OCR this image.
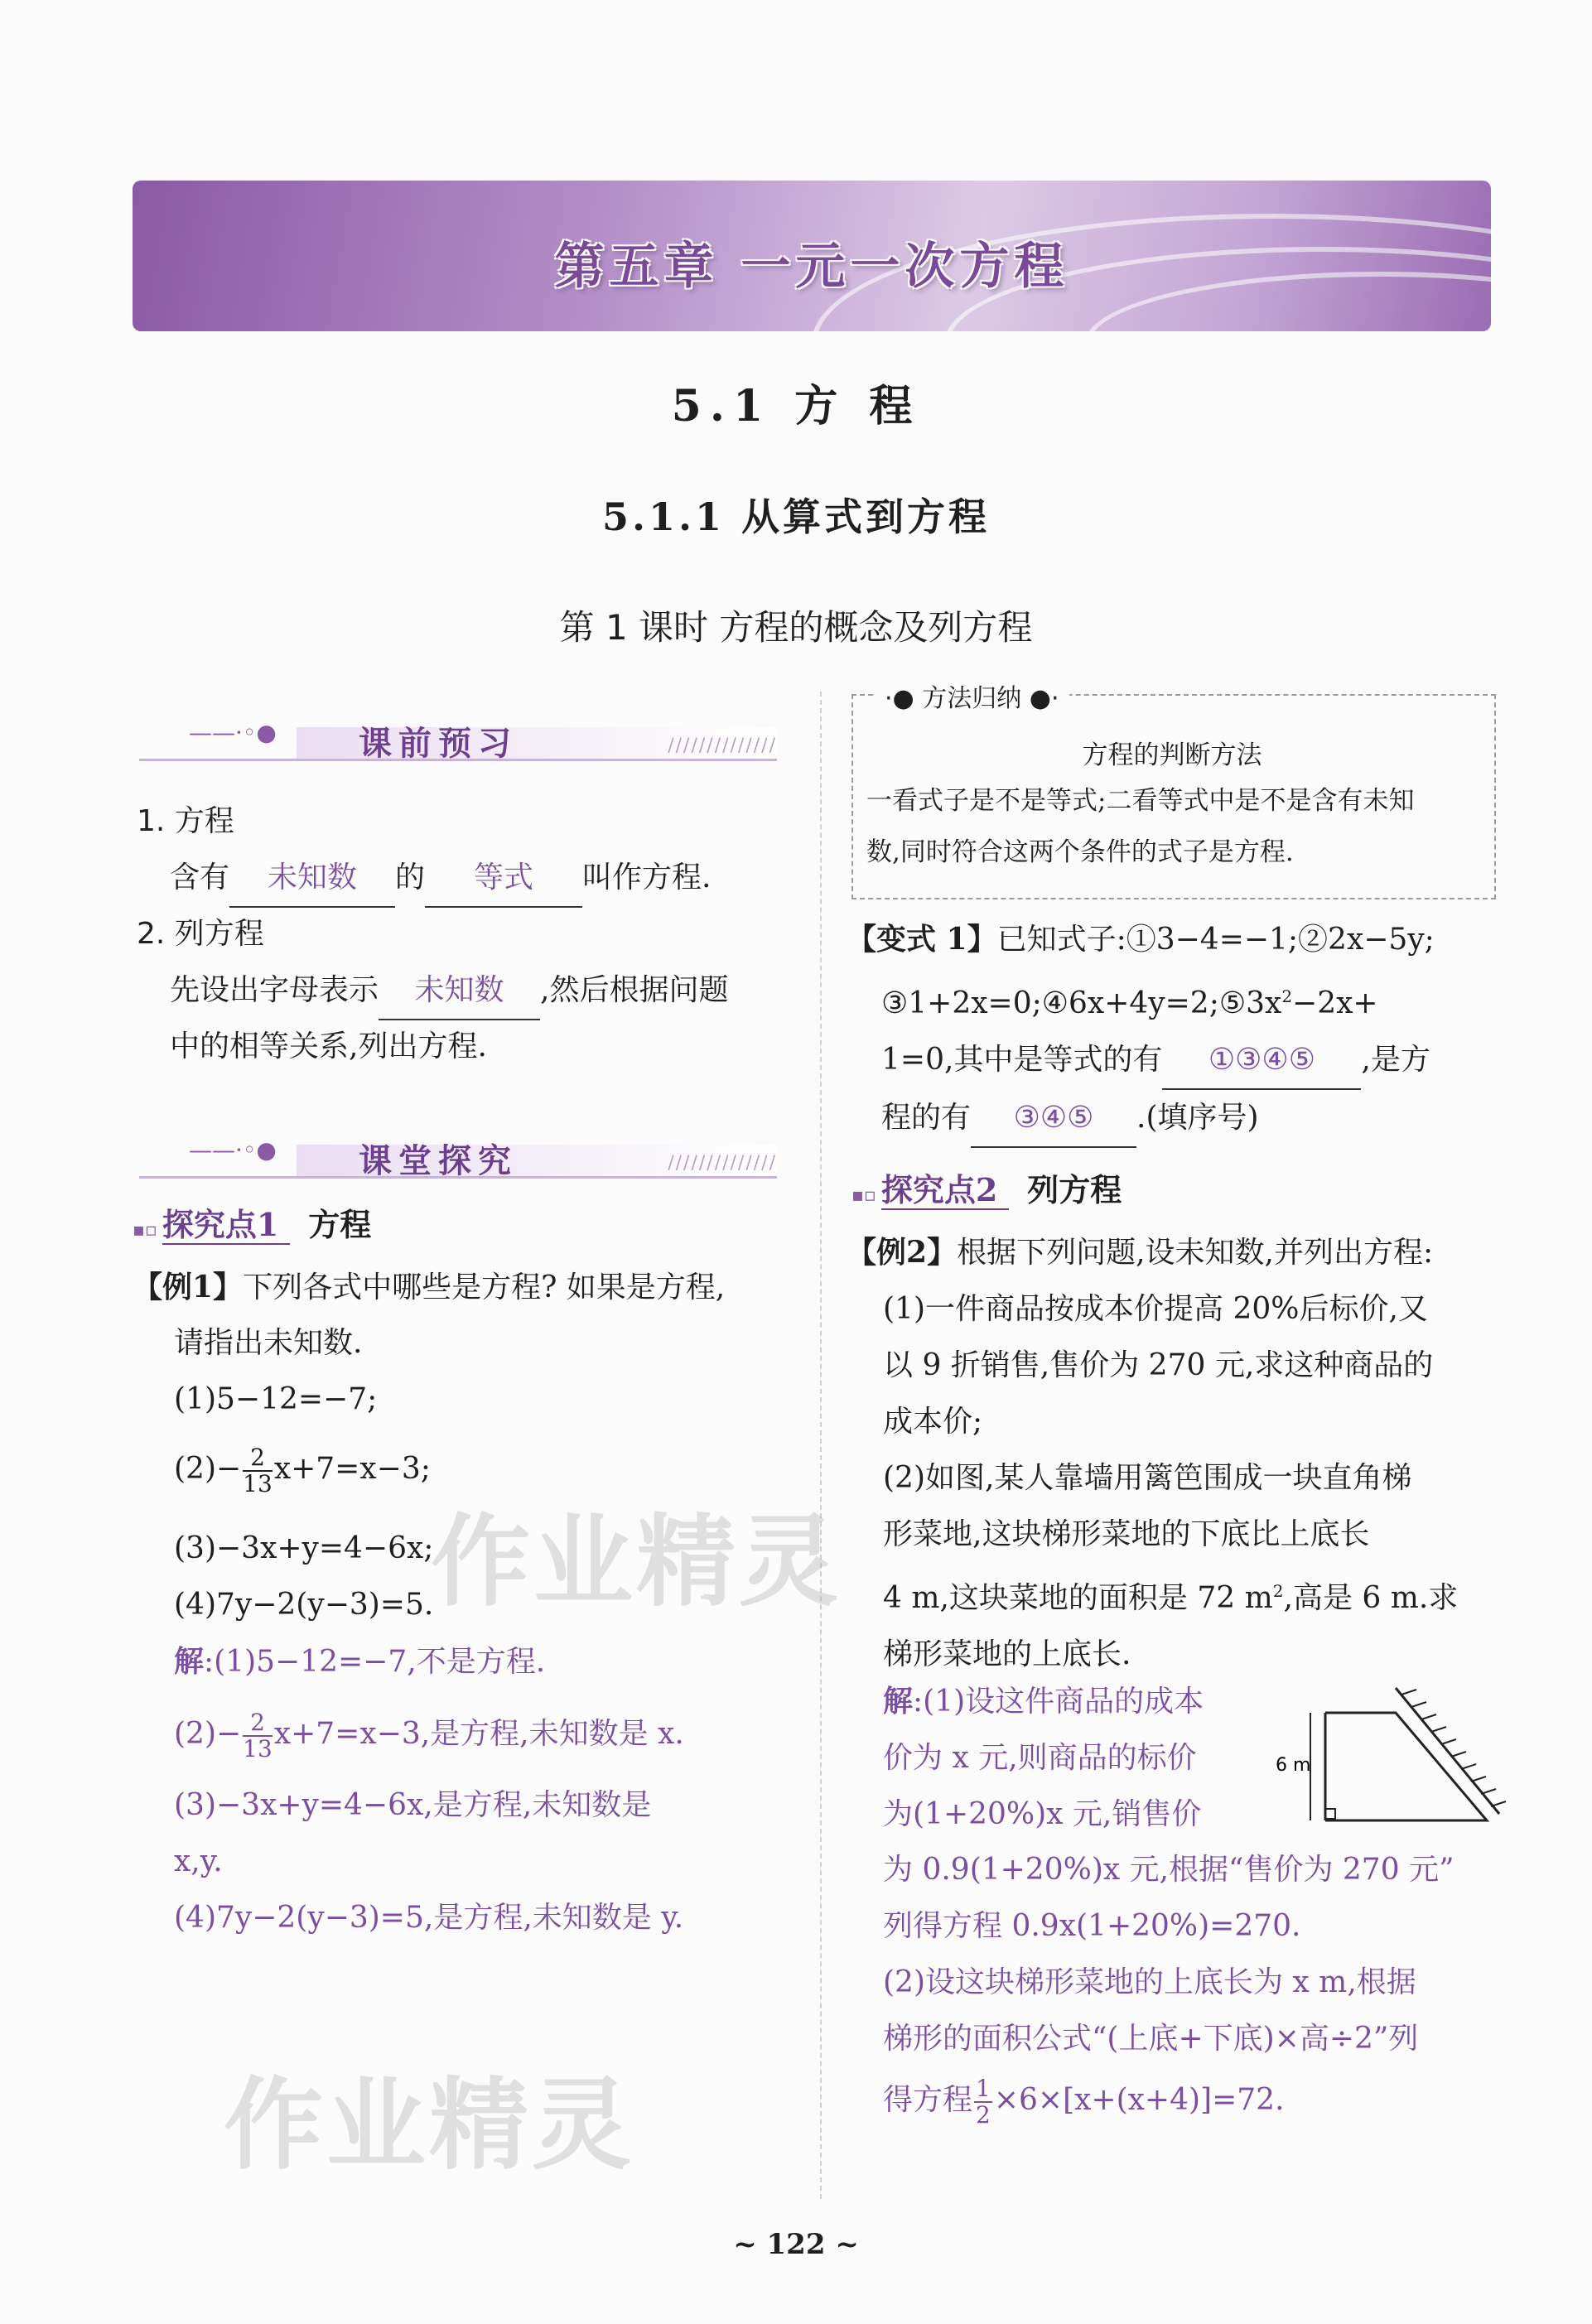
第五章 一元一次方程
5.1 方 程
5.1.1 从算式到方程
第 1 课时 方程的概念及列方程
——·◦● 课前预习	//////////////
1. 方程
含有 未知数 的 等式 叫作方程.
2. 列方程
先设出字母表示 未知数 ,然后根据问题
中的相等关系,列出方程.
——·◦● 课堂探究	//////////////
▪▫ 探究点1 方程
【例1】下列各式中哪些是方程? 如果是方程,
请指出未知数.
(1)5−12=−7;
$(2)- \frac{2}{13} x+7=x-3$;
(3)−3x+y=4−6x;
(4)7y−2(y−3)=5.
解:(1)5−12=−7,不是方程.
$(2)- \frac{2}{13} x+7=x-3$,是方程,未知数是 x.
(3)−3x+y=4−6x,是方程,未知数是
x,y.
(4)7y−2(y−3)=5,是方程,未知数是 y.
作业精灵
作业精灵
·● 方法归纳 ●·
方程的判断方法
一看式子是不是等式;二看等式中是不是含有未知
数,同时符合这两个条件的式子是方程.
【变式 1】已知式子:①3−4=−1;②2x−5y;
$③1+2x=0;④6x+4y=2;⑤3x^2-2x+$
1=0,其中是等式的有 ①③④⑤ ,是方
程的有 ③④⑤ .(填序号)
▪▫ 探究点2 列方程
【例2】根据下列问题,设未知数,并列出方程:
(1)一件商品按成本价提高 20%后标价,又
以 9 折销售,售价为 270 元,求这种商品的
成本价;
(2)如图,某人靠墙用篱笆围成一块直角梯
形菜地,这块梯形菜地的下底比上底长
4 m,这块菜地的面积是 72 $m^2$,高是 6 m.求
梯形菜地的上底长.
6 m
解:(1)设这件商品的成本
价为 x 元,则商品的标价
为(1+20%)x 元,销售价
为 0.9(1+20%)x 元,根据“售价为 270 元”
列得方程 0.9x(1+20%)=270.
(2)设这块梯形菜地的上底长为 x m,根据
梯形的面积公式“(上底+下底)×高÷2”列
得方程 $\frac{1}{2} \times 6\times[x+(x+4)]=72$.
~ 122 ~
